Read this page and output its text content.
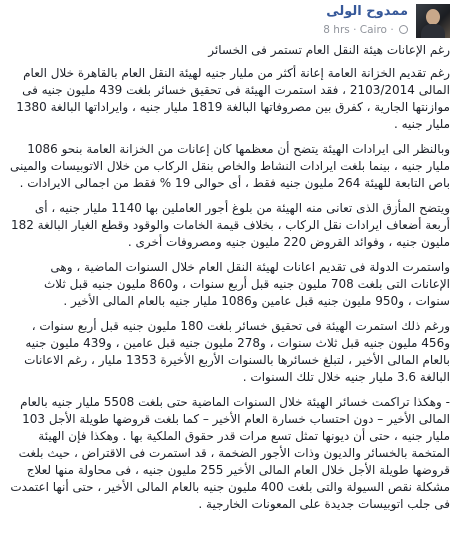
ممدوح الولى
8 hrs · Cairo ·

رغم الإعانات هيئة النقل العام تستمر فى الخسائر

رغم تقديم الخزانة العامة إعانة أكثر من مليار جنيه لهيئة النقل العام بالقاهرة خلال العام المالى 2103/2014 ، فقد استمرت الهيئة فى تحقيق خسائر بلغت 439 مليون جنيه فى موازنتها الجارية ، كفرق بين مصروفاتها البالغة 1819 مليار جنيه ، وايراداتها البالغة 1380 مليار جنيه .

وبالنظر الى ايرادات الهيئة يتضح أن معظمها كان إعانات من الخزانة العامة بنحو 1086 مليار جنيه ، بينما بلغت ايرادات النشاط والخاص بنقل الركاب من خلال الاتوبيسات والمينى باص التابعة للهيئة 264 مليون جنيه فقط ، أى حوالى 19 % فقط من اجمالى الايرادات .

ويتضح المأزق الذى تعانى منه الهيئة من بلوغ أجور العاملين بها 1140 مليار جنيه ، أى أربعة أضعاف ايرادات نقل الركاب ، بخلاف قيمة الخامات والوقود وقطع الغيار البالغة 182 مليون جنيه ، وفوائد القروض 220 مليون جنيه ومصروفات أخرى .

واستمرت الدولة فى تقديم اعانات لهيئة النقل العام خلال السنوات الماضية ، وهى الإعانات التى بلغت 708 مليون جنيه قبل أربع سنوات ، و860 مليون جنيه قبل ثلاث سنوات ، و950 مليون جنيه قبل عامين و1086 مليار جنيه بالعام المالى الأخير .

ورغم ذلك استمرت الهيئة فى تحقيق خسائر بلغت 180 مليون جنيه قبل أربع سنوات ، و456 مليون جنيه قبل ثلاث سنوات ، و278 مليون جنيه قبل عامين ، و439 مليون جنيه بالعام المالى الأخير ، لتبلغ خسائرها بالسنوات الأربع الأخيرة 1353 مليار ، رغم الاعانات البالغة 3.6 مليار جنيه خلال تلك السنوات .

- وهكذا تراكمت خسائر الهيئة خلال السنوات الماضية حتى بلغت 5508 مليار جنيه بالعام المالى الأخير – دون احتساب خسارة العام الأخير – كما بلغت قروضها طويلة الأجل 103 مليار جنيه ، حتى أن ديونها تمثل تسع مرات قدر حقوق الملكية بها . وهكذا فإن الهيئة المتخمة بالخسائر والديون وذات الأجور الضخمة ، قد استمرت فى الاقتراض ، حيث بلغت قروضها طويلة الأجل خلال العام المالى الأخير 255 مليون جنيه ، فى محاولة منها لعلاج مشكلة نقص السيولة والتى بلغت 400 مليون جنيه بالعام المالى الأخير ، حتى أنها اعتمدت فى جلب اتوبيسات جديدة على المعونات الخارجية .
